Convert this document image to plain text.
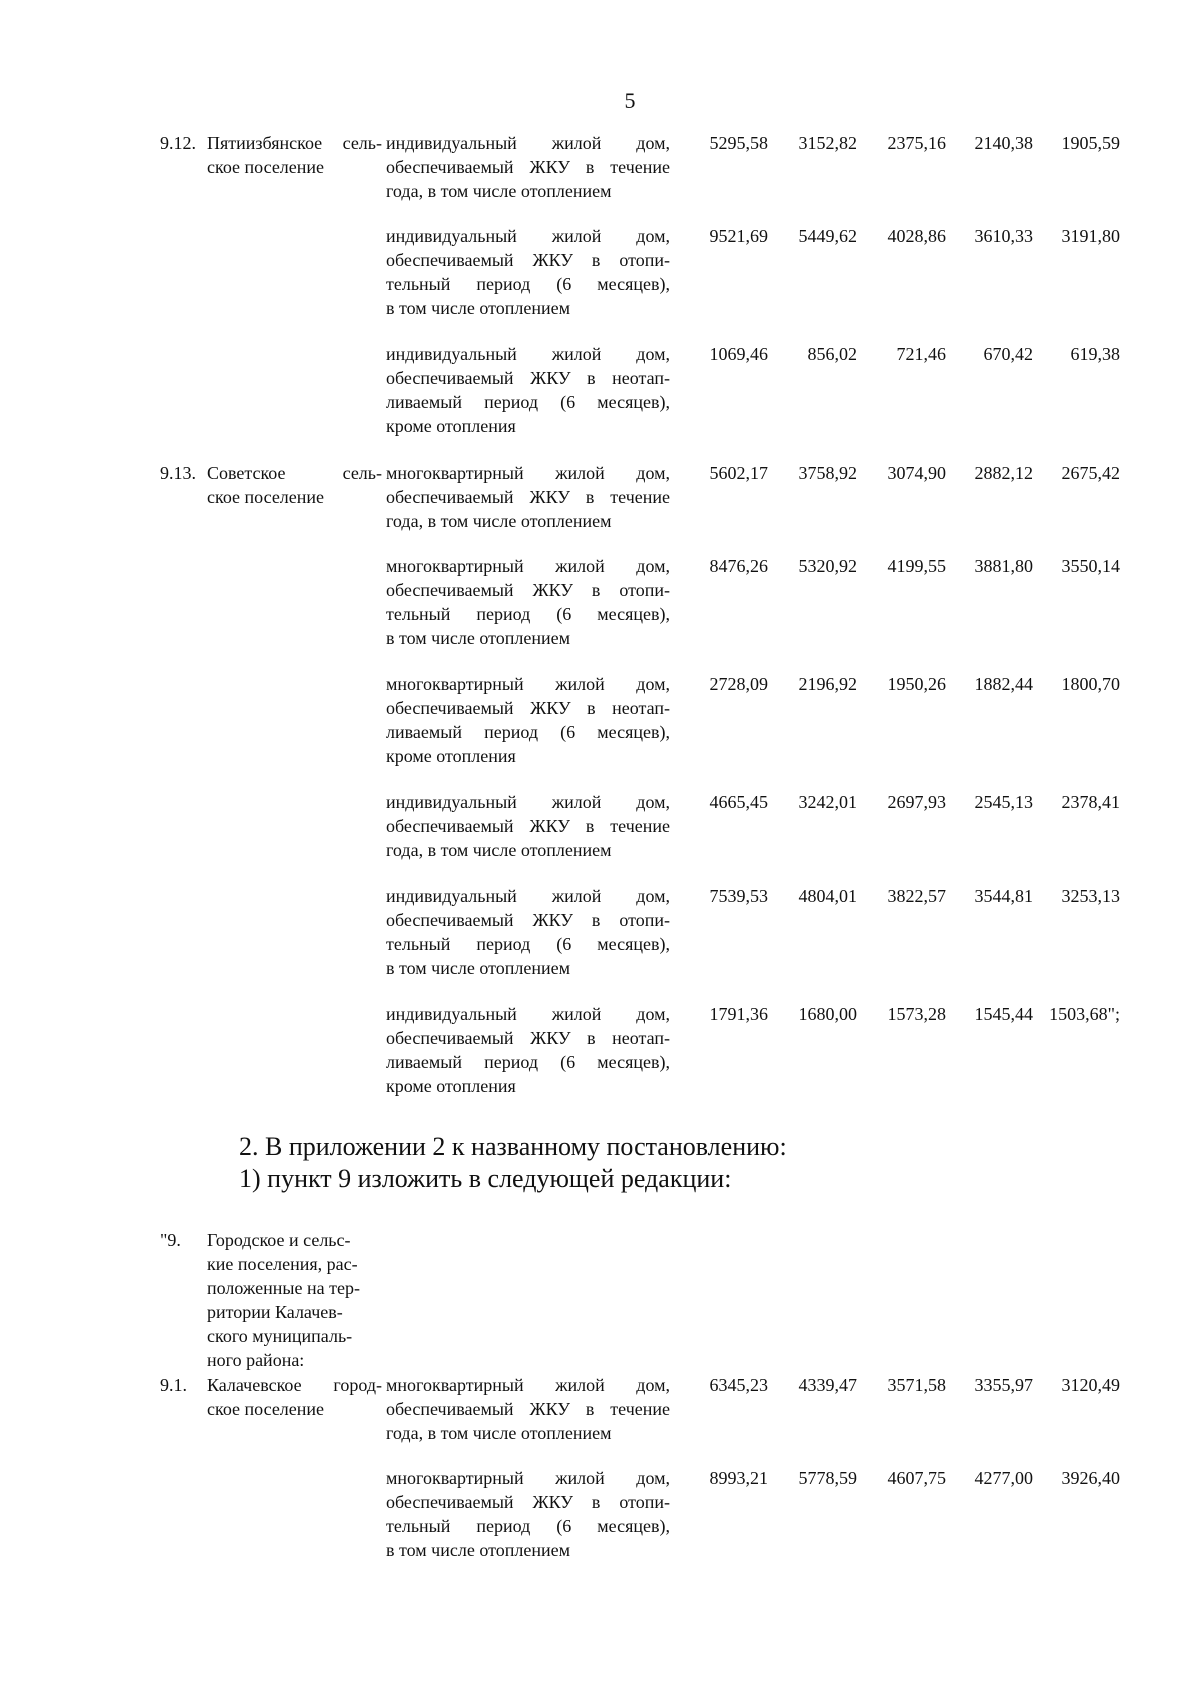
5
9.12. Пятиизбянское сель-
ское поселение
индивидуальный жилой дом,
обеспечиваемый ЖКУ в течение
года, в том числе отоплением
5295,58 3152,82 2375,16 2140,38 1905,59
индивидуальный жилой дом,
обеспечиваемый ЖКУ в отопи-
тельный период (6 месяцев),
в том числе отоплением
9521,69 5449,62 4028,86 3610,33 3191,80
индивидуальный жилой дом,
обеспечиваемый ЖКУ в неотап-
ливаемый период (6 месяцев),
кроме отопления
1069,46 856,02 721,46 670,42 619,38
9.13. Советское сель-
ское поселение
многоквартирный жилой дом,
обеспечиваемый ЖКУ в течение
года, в том числе отоплением
5602,17 3758,92 3074,90 2882,12 2675,42
многоквартирный жилой дом,
обеспечиваемый ЖКУ в отопи-
тельный период (6 месяцев),
в том числе отоплением
8476,26 5320,92 4199,55 3881,80 3550,14
многоквартирный жилой дом,
обеспечиваемый ЖКУ в неотап-
ливаемый период (6 месяцев),
кроме отопления
2728,09 2196,92 1950,26 1882,44 1800,70
индивидуальный жилой дом,
обеспечиваемый ЖКУ в течение
года, в том числе отоплением
4665,45 3242,01 2697,93 2545,13 2378,41
индивидуальный жилой дом,
обеспечиваемый ЖКУ в отопи-
тельный период (6 месяцев),
в том числе отоплением
7539,53 4804,01 3822,57 3544,81 3253,13
индивидуальный жилой дом,
обеспечиваемый ЖКУ в неотап-
ливаемый период (6 месяцев),
кроме отопления
1791,36 1680,00 1573,28 1545,44 1503,68";
2. В приложении 2 к названному постановлению:
1) пункт 9 изложить в следующей редакции:
"9. Городское и сельс-
кие поселения, рас-
положенные на тер-
ритории Калачев-
ского муниципаль-
ного района:
9.1.	Калачевское город-
ское поселение
многоквартирный жилой дом,
обеспечиваемый ЖКУ в течение
года, в том числе отоплением
6345,23 4339,47 3571,58 3355,97 3120,49
многоквартирный жилой дом,
обеспечиваемый ЖКУ в отопи-
тельный период (6 месяцев),
в том числе отоплением
8993,21 5778,59 4607,75 4277,00 3926,40
